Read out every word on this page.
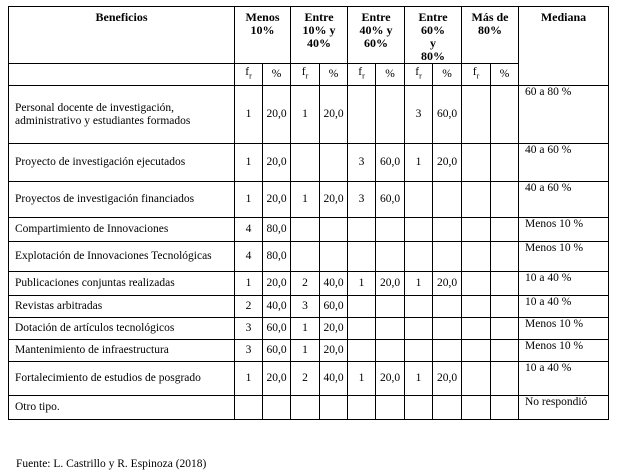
Beneficios	Menos 10%		Entre 10% y 40%		Entre 40% y 60%		Entre 60% y 80%		Más de 80%		Mediana
	$f_r$	%	$f_r$	%	$f_r$	%	$f_r$	%	$f_r$	%	
Personal docente de investigación, administrativo y estudiantes formados	1	20,0	1	20,0			3	60,0			60 a 80 %
Proyecto de investigación ejecutados	1	20,0			3	60,0	1	20,0			40 a 60 %
Proyectos de investigación financiados	1	20,0	1	20,0	3	60,0					40 a 60 %
Compartimiento de Innovaciones	4	80,0									Menos 10 %
Explotación de Innovaciones Tecnológicas	4	80,0									Menos 10 %
Publicaciones conjuntas realizadas	1	20,0	2	40,0	1	20,0	1	20,0			10 a 40 %
Revistas arbitradas	2	40,0	3	60,0							10 a 40 %
Dotación de artículos tecnológicos	3	60,0	1	20,0							Menos 10 %
Mantenimiento de infraestructura	3	60,0	1	20,0							Menos 10 %
Fortalecimiento de estudios de posgrado	1	20,0	2	40,0	1	20,0	1	20,0			10 a 40 %
Otro tipo.											No respondió
Fuente: L. Castrillo y R. Espinoza (2018)
